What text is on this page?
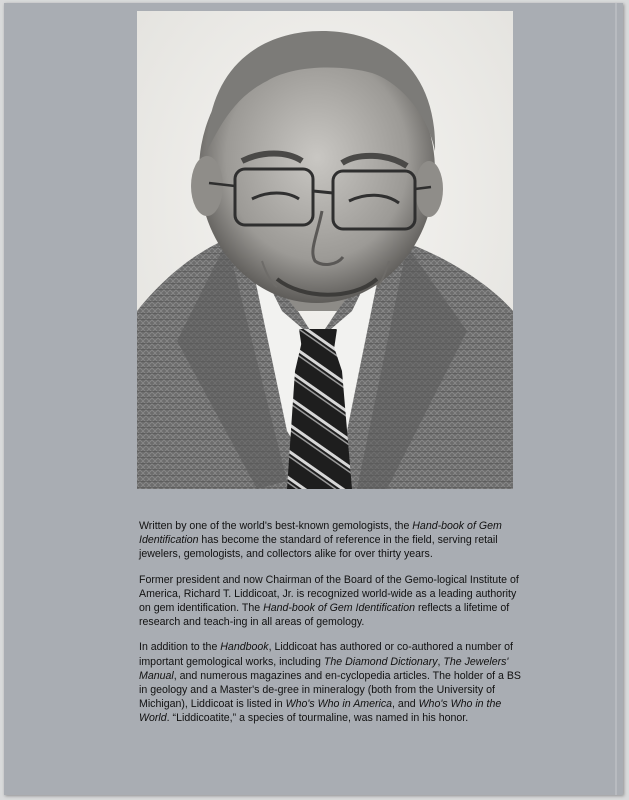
Written by one of the world's best-known gemologists, the Hand-book of Gem Identification has become the standard of reference in the field, serving retail jewelers, gemologists, and collectors alike for over thirty years.

Former president and now Chairman of the Board of the Gemo-logical Institute of America, Richard T. Liddicoat, Jr. is recognized world-wide as a leading authority on gem identification. The Hand-book of Gem Identification reflects a lifetime of research and teach-ing in all areas of gemology.

In addition to the Handbook, Liddicoat has authored or co-authored a number of important gemological works, including The Diamond Dictionary, The Jewelers' Manual, and numerous magazines and en-cyclopedia articles. The holder of a BS in geology and a Master's de-gree in mineralogy (both from the University of Michigan), Liddicoat is listed in Who's Who in America, and Who's Who in the World. “Liddicoatite,” a species of tourmaline, was named in his honor.
